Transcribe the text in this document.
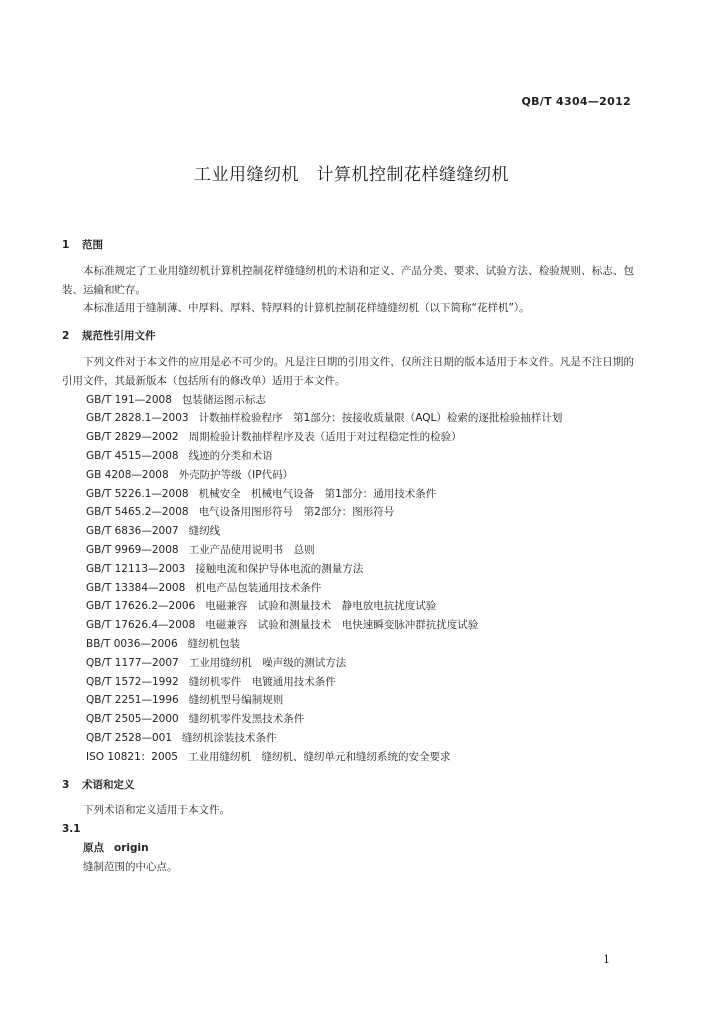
QB/T 4304—2012
工业用缝纫机　计算机控制花样缝缝纫机

1 范围

本标准规定了工业用缝纫机计算机控制花样缝缝纫机的术语和定义、产品分类、要求、试验方法、检验规则、标志、包装、运输和贮存。

本标准适用于缝制薄、中厚料、厚料、特厚料的计算机控制花样缝缝纫机（以下简称“花样机”）。

2 规范性引用文件

下列文件对于本文件的应用是必不可少的。凡是注日期的引用文件，仅所注日期的版本适用于本文件。凡是不注日期的引用文件，其最新版本（包括所有的修改单）适用于本文件。

GB/T 191—2008 包装储运图示标志
GB/T 2828.1—2003 计数抽样检验程序　第1部分：按接收质量限（AQL）检索的逐批检验抽样计划
GB/T 2829—2002 周期检验计数抽样程序及表（适用于对过程稳定性的检验）
GB/T 4515—2008 线迹的分类和术语
GB 4208—2008 外壳防护等级（IP代码）
GB/T 5226.1—2008 机械安全　机械电气设备　第1部分：通用技术条件
GB/T 5465.2—2008 电气设备用图形符号　第2部分：图形符号
GB/T 6836—2007 缝纫线
GB/T 9969—2008 工业产品使用说明书　总则
GB/T 12113—2003 接触电流和保护导体电流的测量方法
GB/T 13384—2008 机电产品包装通用技术条件
GB/T 17626.2—2006 电磁兼容　试验和测量技术　静电放电抗扰度试验
GB/T 17626.4—2008 电磁兼容　试验和测量技术　电快速瞬变脉冲群抗扰度试验
BB/T 0036—2006 缝纫机包装
QB/T 1177—2007 工业用缝纫机　噪声级的测试方法
QB/T 1572—1992 缝纫机零件　电镀通用技术条件
QB/T 2251—1996 缝纫机型号编制规则
QB/T 2505—2000 缝纫机零件发黑技术条件
QB/T 2528—001 缝纫机涂装技术条件
ISO 10821：2005 工业用缝纫机　缝纫机、缝纫单元和缝纫系统的安全要求

3 术语和定义

下列术语和定义适用于本文件。

3.1

原点 origin

缝制范围的中心点。

1
